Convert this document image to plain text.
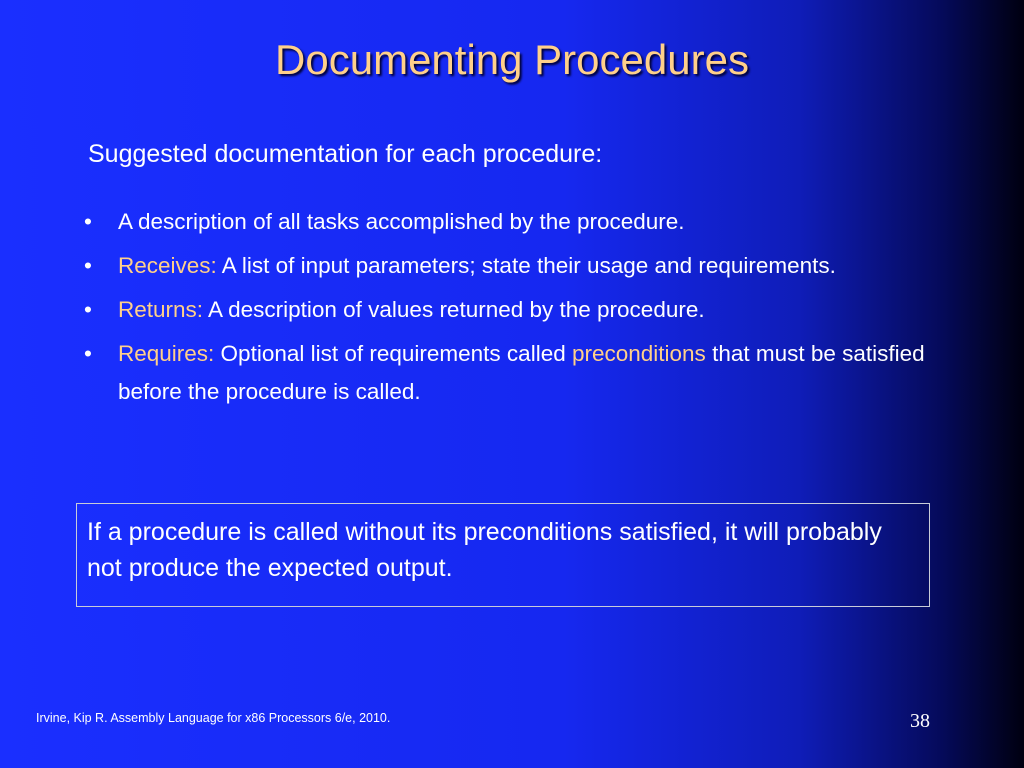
Documenting Procedures
Suggested documentation for each procedure:
• A description of all tasks accomplished by the procedure.
• Receives: A list of input parameters; state their usage and requirements.
• Returns: A description of values returned by the procedure.
• Requires: Optional list of requirements called preconditions that must be satisfied before the procedure is called.
If a procedure is called without its preconditions satisfied, it will probably not produce the expected output.
Irvine, Kip R. Assembly Language for x86 Processors 6/e, 2010.	38
